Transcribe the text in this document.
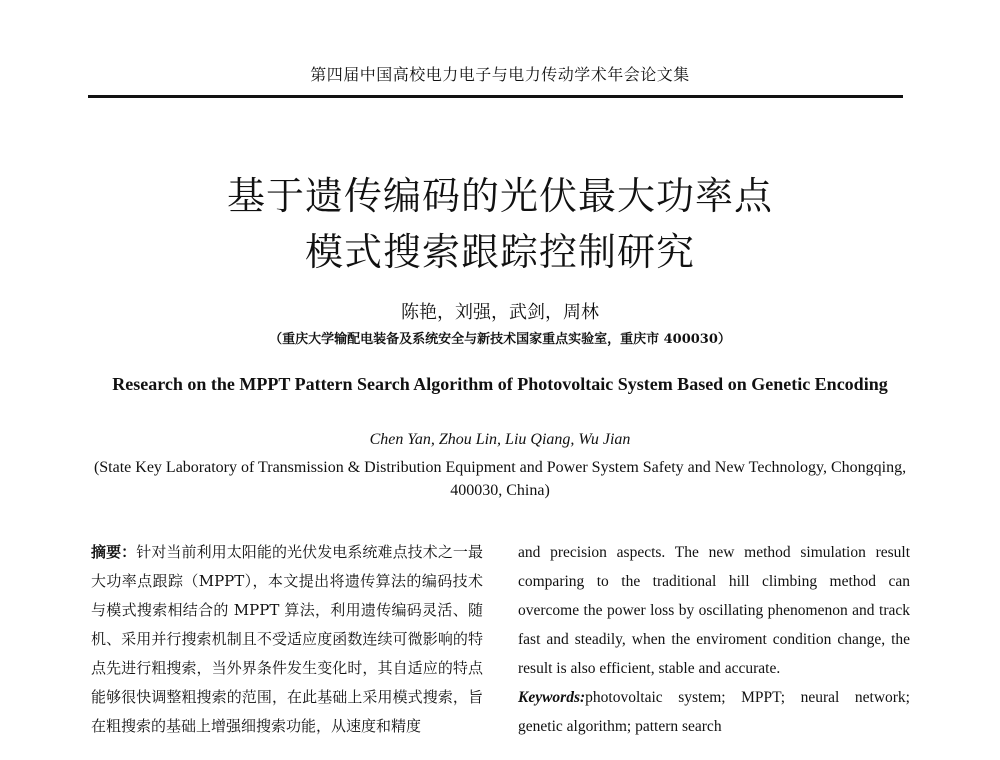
第四届中国高校电力电子与电力传动学术年会论文集
基于遗传编码的光伏最大功率点
模式搜索跟踪控制研究
陈艳，刘强，武剑，周林
（重庆大学输配电装备及系统安全与新技术国家重点实验室，重庆市 400030）
Research on the MPPT Pattern Search Algorithm of Photovoltaic System Based on Genetic Encoding
Chen Yan, Zhou Lin, Liu Qiang, Wu Jian
(State Key Laboratory of Transmission & Distribution Equipment and Power System Safety and New Technology, Chongqing, 400030, China)
摘要：针对当前利用太阳能的光伏发电系统难点技术之一最大功率点跟踪（MPPT），本文提出将遗传算法的编码技术与模式搜索相结合的 MPPT 算法，利用遗传编码灵活、随机、采用并行搜索机制且不受适应度函数连续可微影响的特点先进行粗搜索，当外界条件发生变化时，其自适应的特点能够很快调整粗搜索的范围，在此基础上采用模式搜索，旨在粗搜索的基础上增强细搜索功能，从速度和精度
and precision aspects. The new method simulation result comparing to the traditional hill climbing method can overcome the power loss by oscillating phenomenon and track fast and steadily, when the enviroment condition change, the result is also efficient, stable and accurate.
Keywords:photovoltaic system; MPPT; neural network; genetic algorithm; pattern search
